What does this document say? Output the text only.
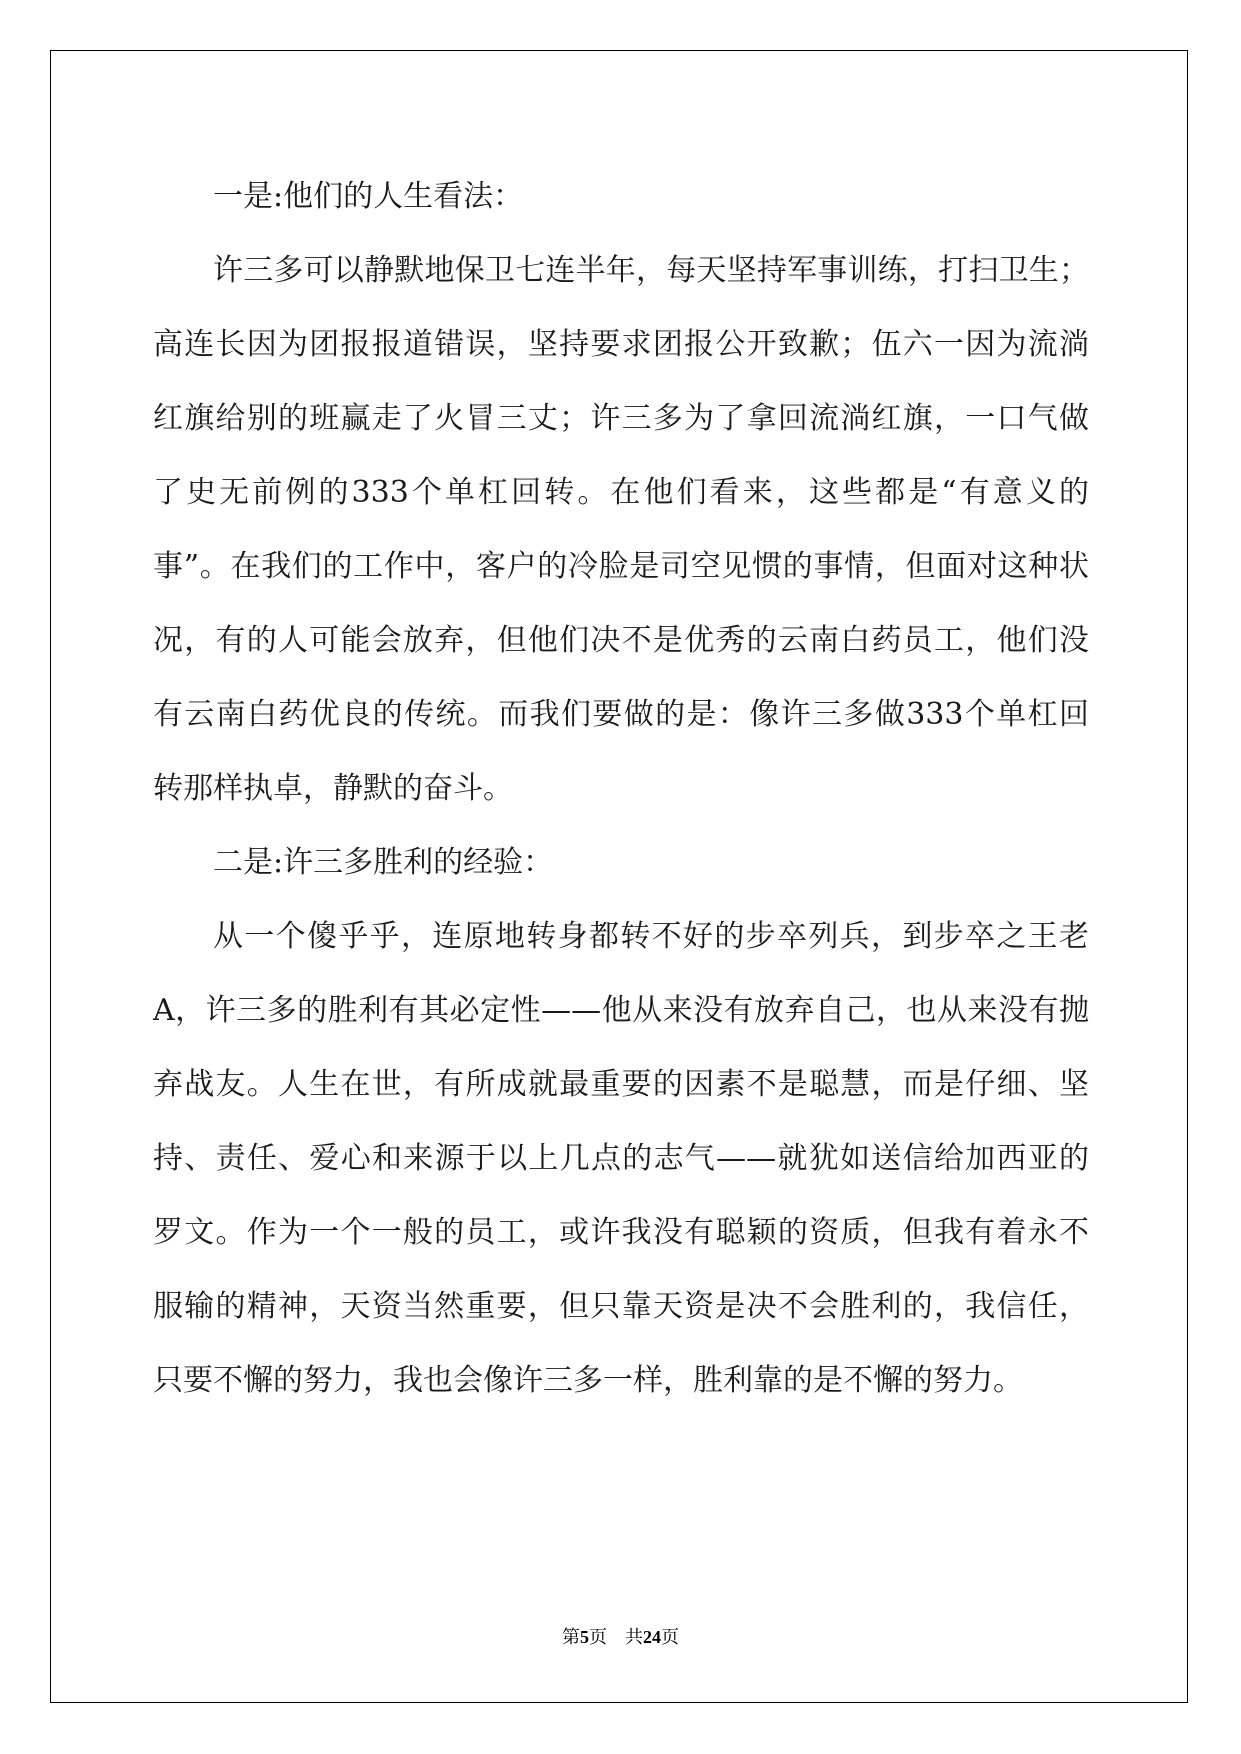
一是:他们的人生看法：
许三多可以静默地保卫七连半年，每天坚持军事训练，打扫卫生；
高连长因为团报报道错误，坚持要求团报公开致歉；伍六一因为流淌
红旗给别的班赢走了火冒三丈；许三多为了拿回流淌红旗，一口气做
了史无前例的333个单杠回转。在他们看来，这些都是“有意义的
事”。在我们的工作中，客户的冷脸是司空见惯的事情，但面对这种状
况，有的人可能会放弃，但他们决不是优秀的云南白药员工，他们没
有云南白药优良的传统。而我们要做的是：像许三多做333个单杠回
转那样执卓，静默的奋斗。
二是:许三多胜利的经验：
从一个傻乎乎，连原地转身都转不好的步卒列兵，到步卒之王老
A，许三多的胜利有其必定性——他从来没有放弃自己，也从来没有抛
弃战友。人生在世，有所成就最重要的因素不是聪慧，而是仔细、坚
持、责任、爱心和来源于以上几点的志气——就犹如送信给加西亚的
罗文。作为一个一般的员工，或许我没有聪颖的资质，但我有着永不
服输的精神，天资当然重要，但只靠天资是决不会胜利的，我信任，
只要不懈的努力，我也会像许三多一样，胜利靠的是不懈的努力。
第5页    共24页
